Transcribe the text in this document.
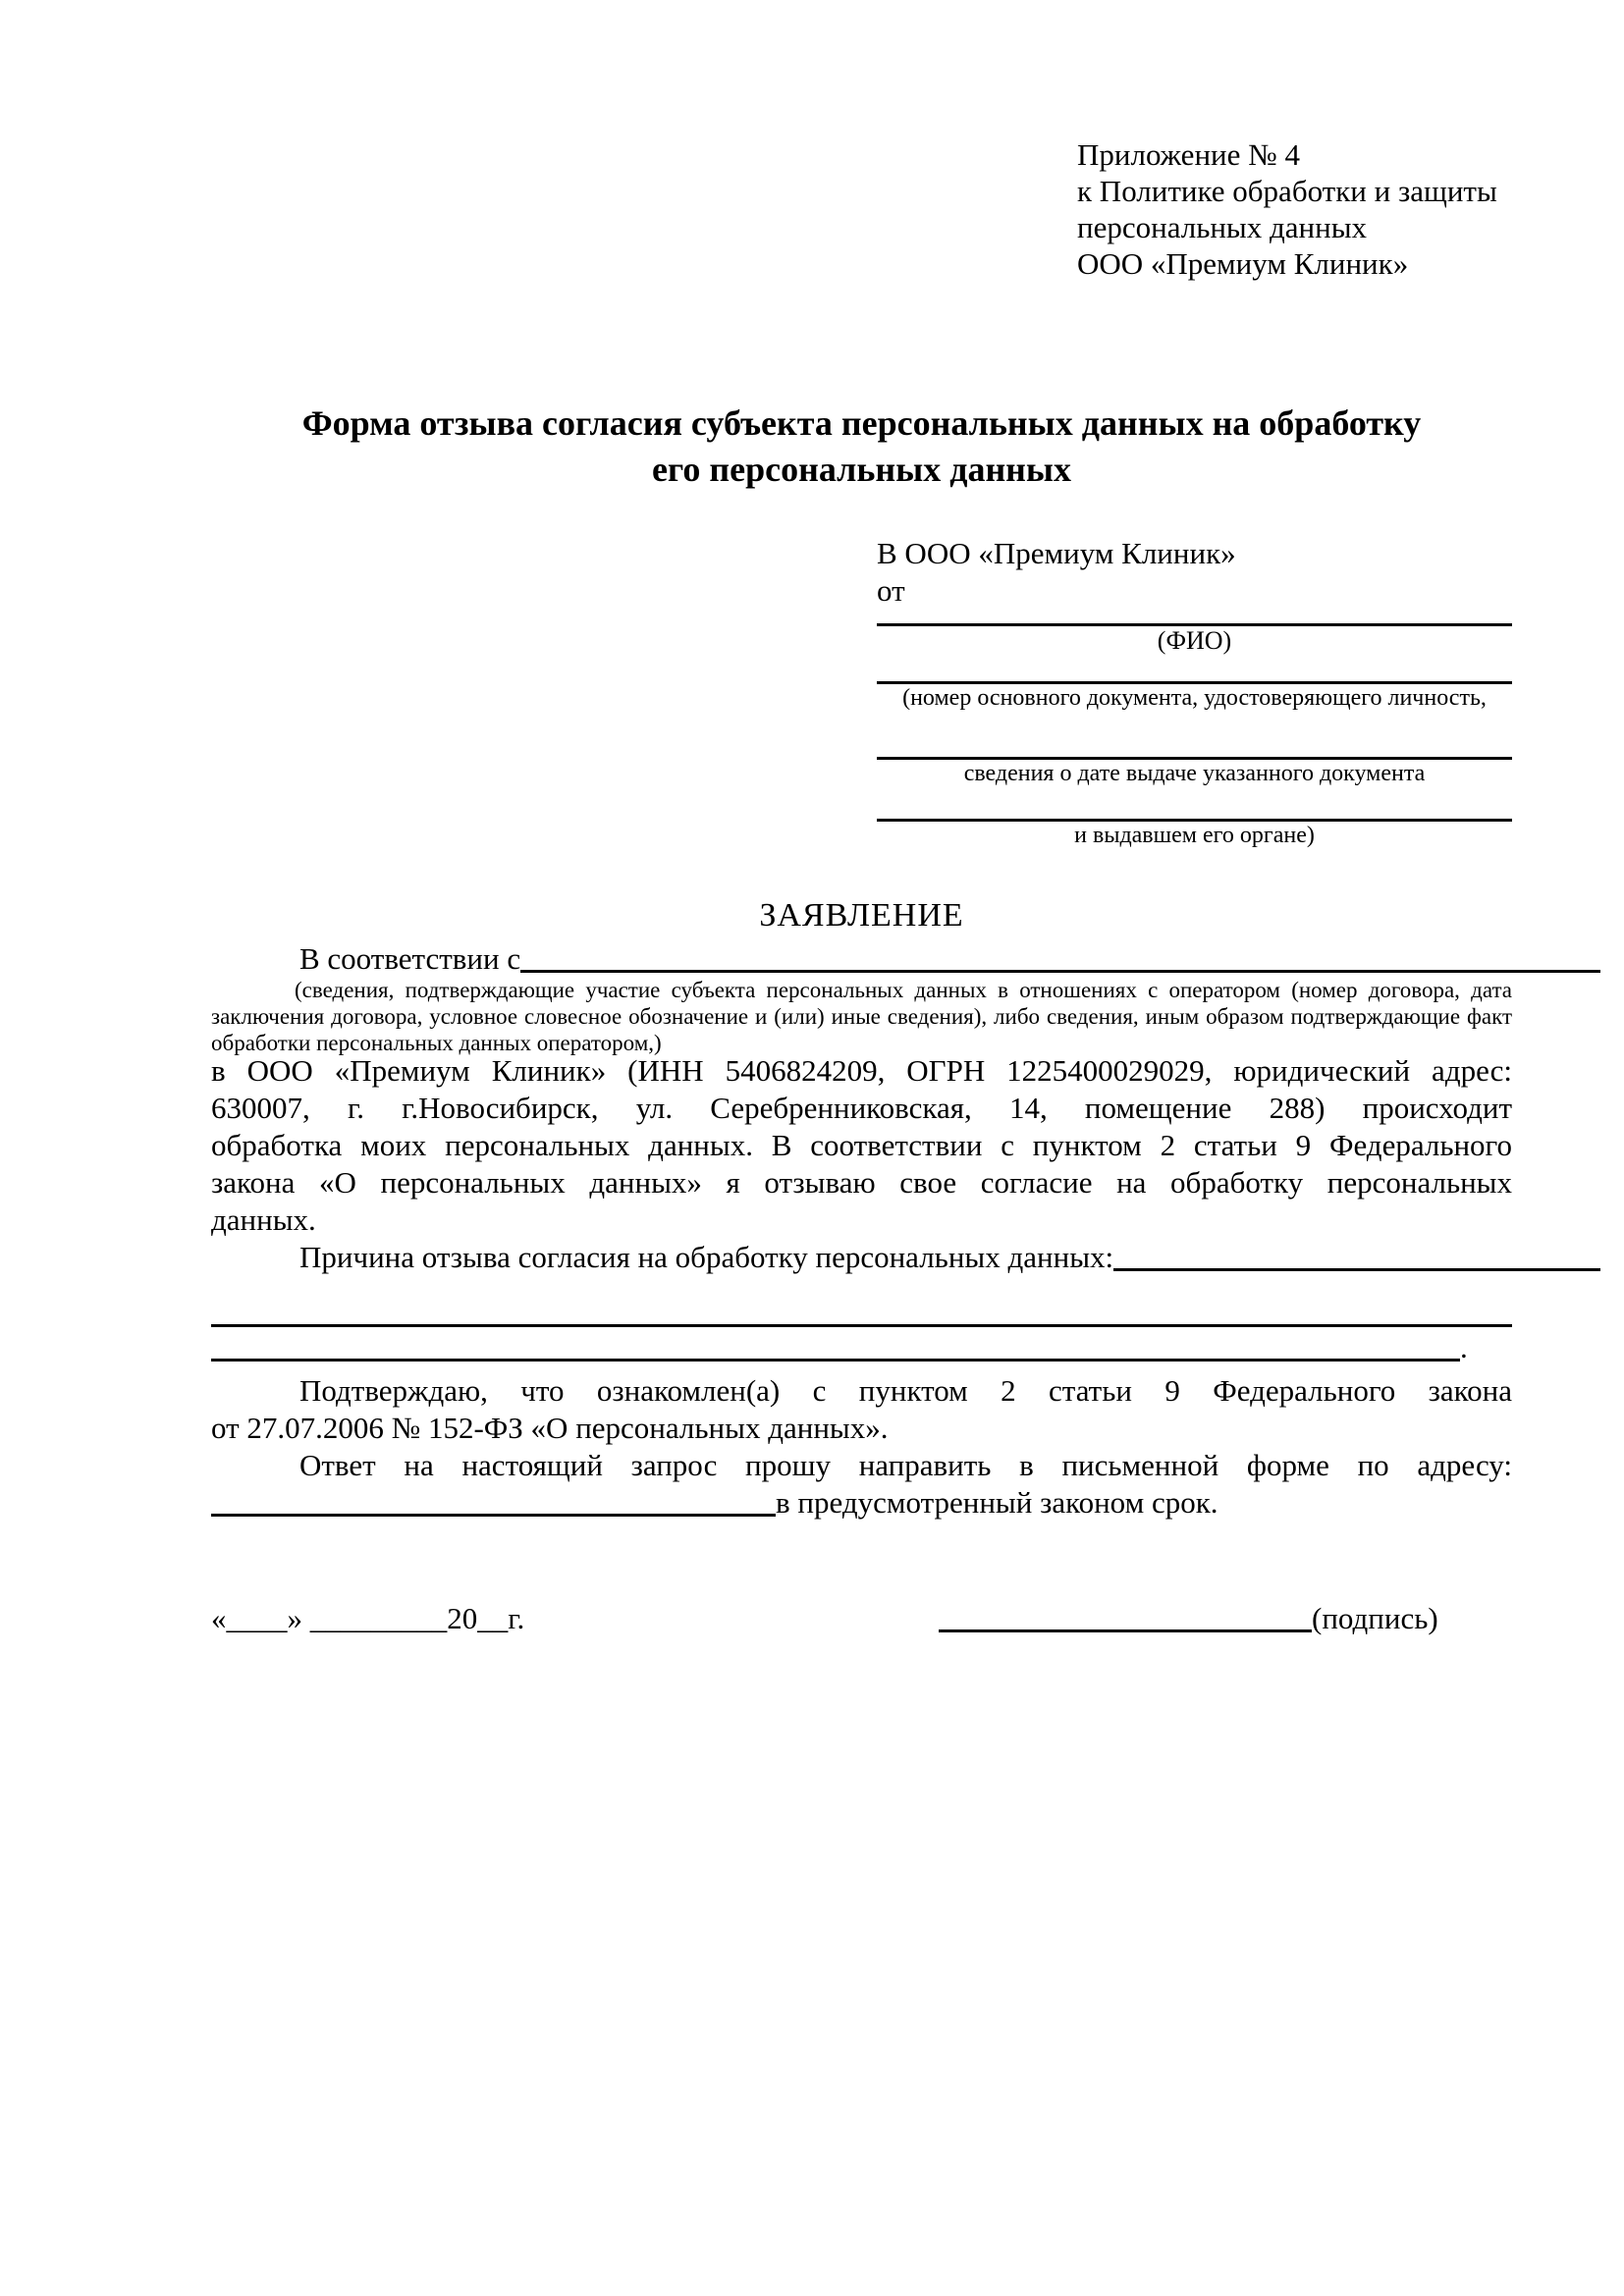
Приложение № 4
к Политике обработки и защиты
персональных данных
ООО «Премиум Клиник»
Форма отзыва согласия субъекта персональных данных на обработку
его персональных данных
В ООО «Премиум Клиник»
от
(ФИО)
(номер основного документа, удостоверяющего личность,
сведения о дате выдаче указанного документа
и выдавшем его органе)
ЗАЯВЛЕНИЕ
В соответствии с
(сведения, подтверждающие участие субъекта персональных данных в отношениях с оператором (номер договора, дата
заключения договора, условное словесное обозначение и (или) иные сведения), либо сведения, иным образом подтверждающие факт
обработки персональных данных оператором,)
в ООО «Премиум Клиник» (ИНН 5406824209, ОГРН 1225400029029, юридический адрес:
630007, г. г.Новосибирск, ул. Серебренниковская, 14, помещение 288) происходит
обработка моих персональных данных. В соответствии с пунктом 2 статьи 9 Федерального
закона «О персональных данных» я отзываю свое согласие на обработку персональных
данных.
Причина отзыва согласия на обработку персональных данных:
.
Подтверждаю, что ознакомлен(а) с пунктом 2 статьи 9 Федерального закона
от 27.07.2006 № 152-ФЗ «О персональных данных».
Ответ на настоящий запрос прошу направить в письменной форме по адресу:
в предусмотренный законом срок.
«____» _________20__г.	(подпись)
